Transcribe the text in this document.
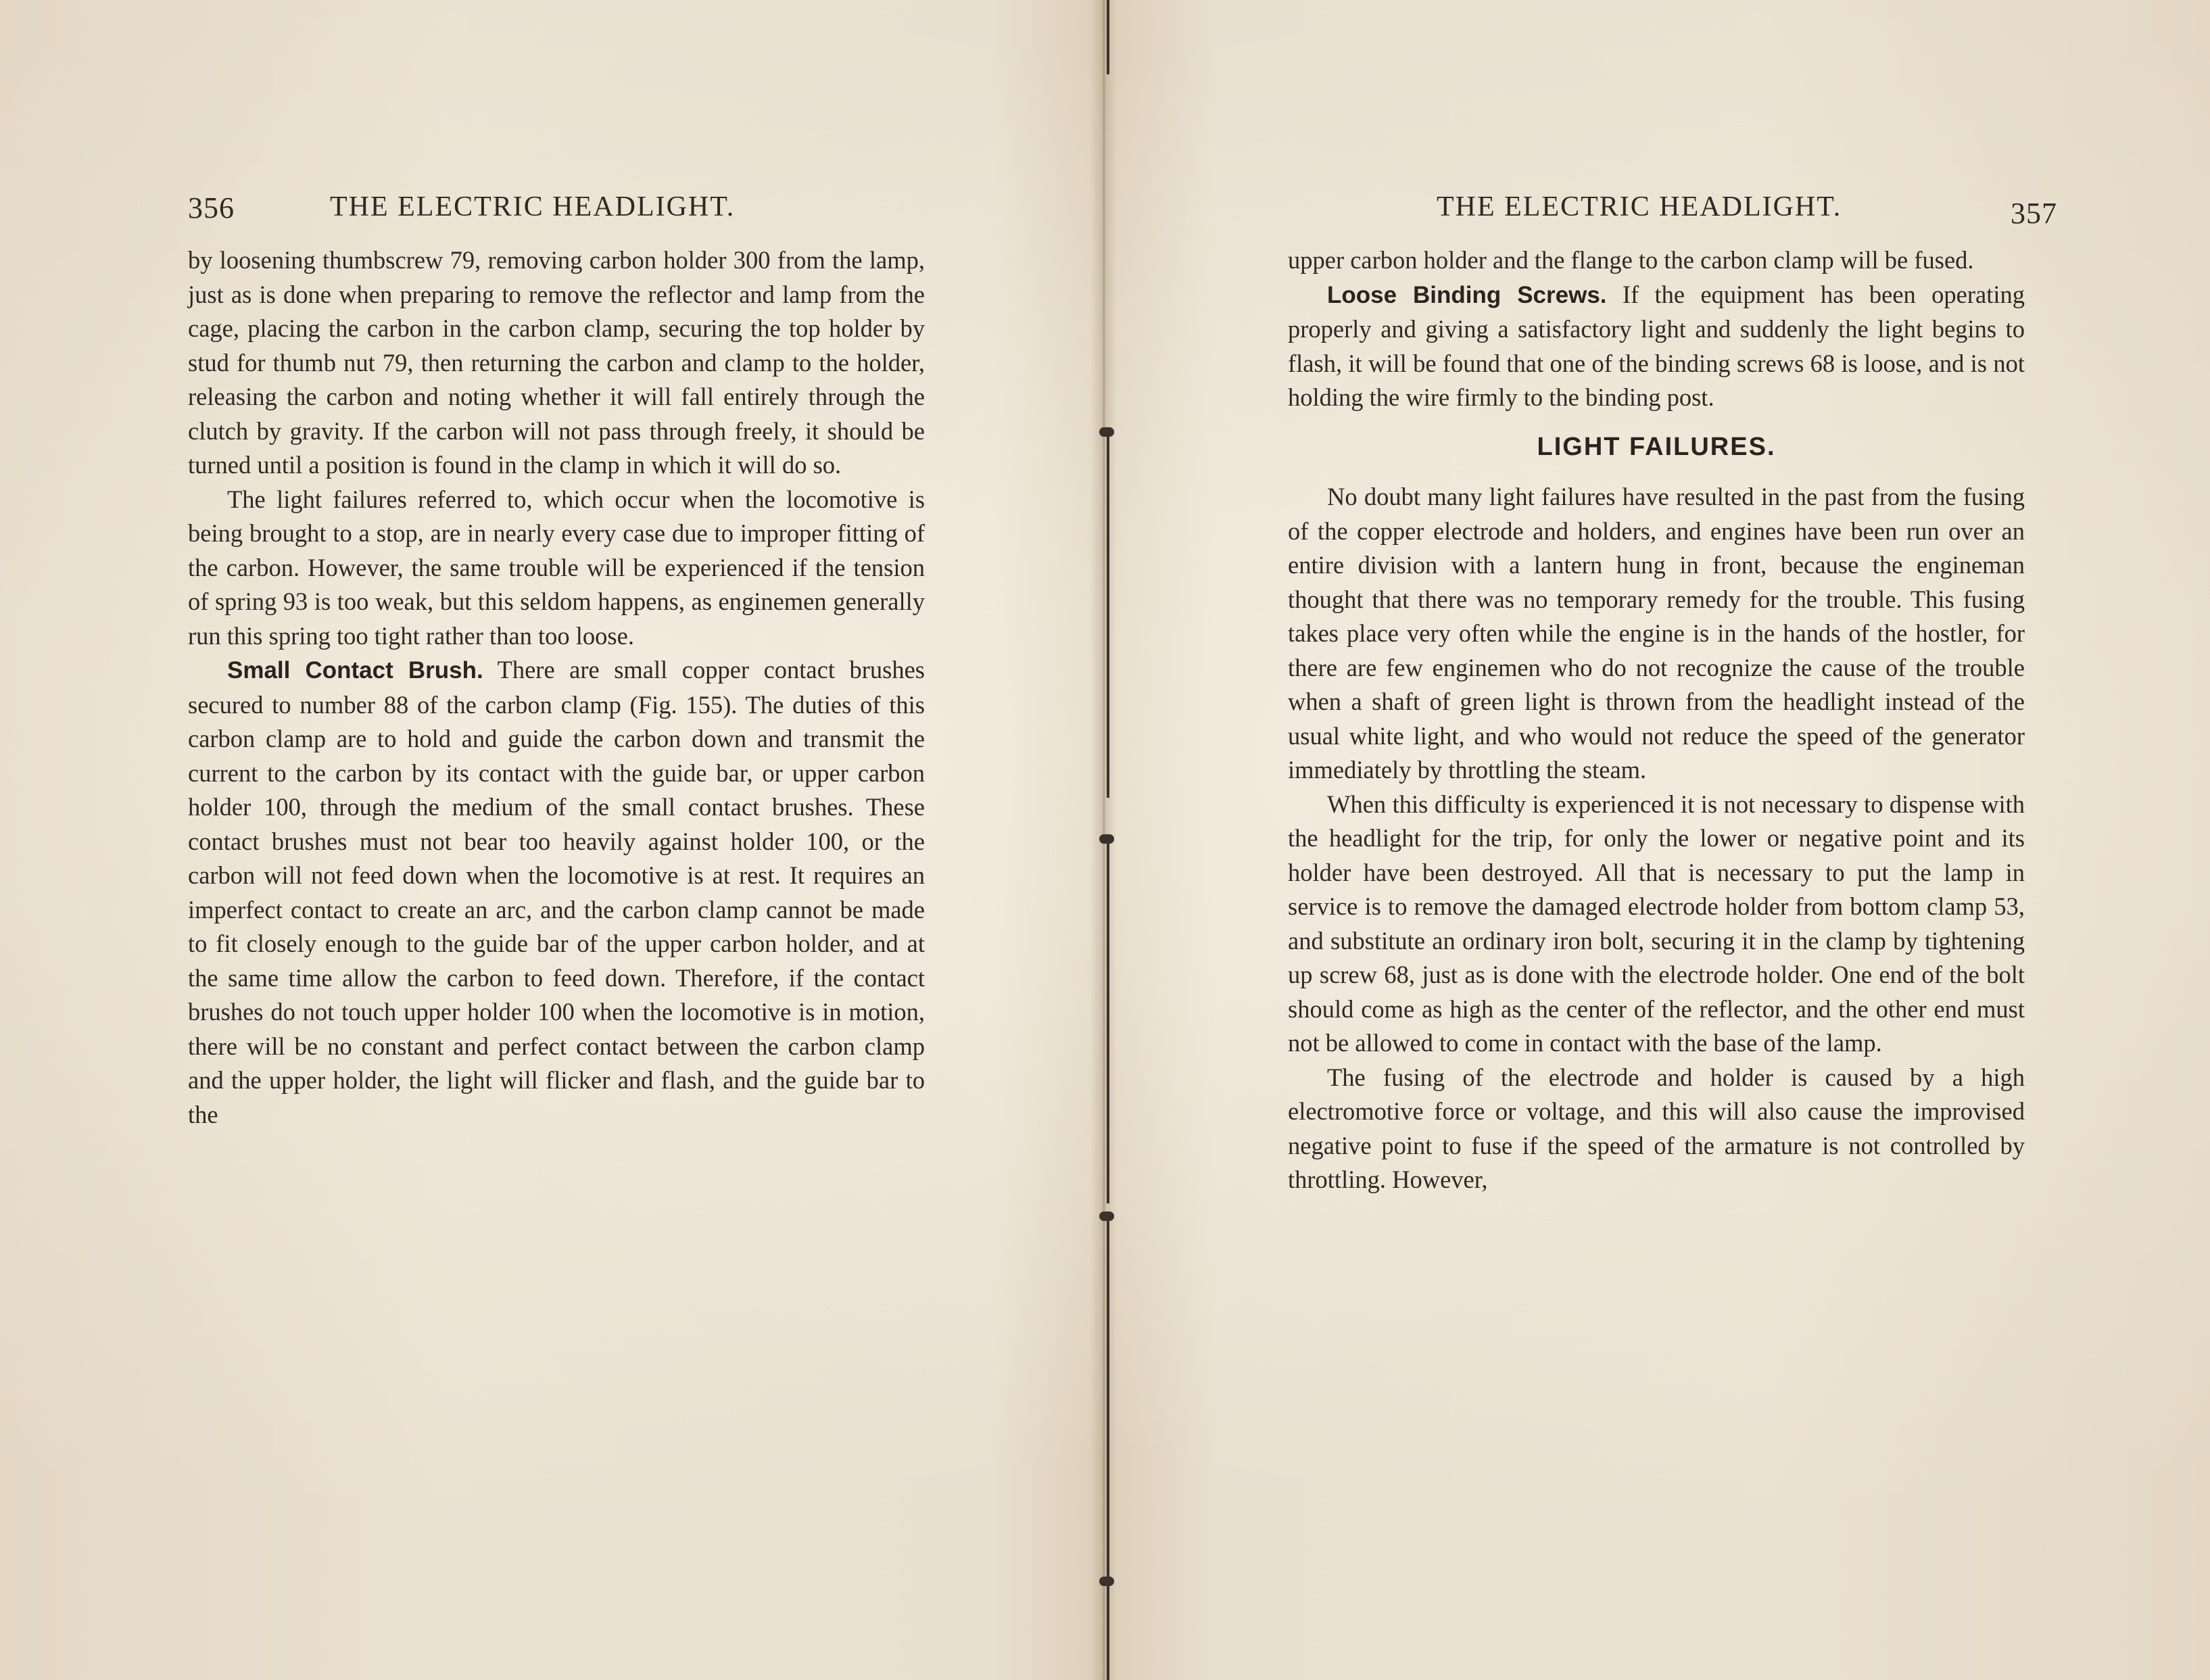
356	THE ELECTRIC HEADLIGHT.

by loosening thumbscrew 79, removing carbon holder 300 from the lamp, just as is done when preparing to remove the reflector and lamp from the cage, placing the carbon in the carbon clamp, securing the top holder by stud for thumb nut 79, then returning the carbon and clamp to the holder, releasing the carbon and noting whether it will fall entirely through the clutch by gravity. If the carbon will not pass through freely, it should be turned until a position is found in the clamp in which it will do so.

The light failures referred to, which occur when the locomotive is being brought to a stop, are in nearly every case due to improper fitting of the carbon. However, the same trouble will be experienced if the tension of spring 93 is too weak, but this seldom happens, as enginemen generally run this spring too tight rather than too loose.

Small Contact Brush. There are small copper contact brushes secured to number 88 of the carbon clamp (Fig. 155). The duties of this carbon clamp are to hold and guide the carbon down and transmit the current to the carbon by its contact with the guide bar, or upper carbon holder 100, through the medium of the small contact brushes. These contact brushes must not bear too heavily against holder 100, or the carbon will not feed down when the locomotive is at rest. It requires an imperfect contact to create an arc, and the carbon clamp cannot be made to fit closely enough to the guide bar of the upper carbon holder, and at the same time allow the carbon to feed down. Therefore, if the contact brushes do not touch upper holder 100 when the locomotive is in motion, there will be no constant and perfect contact between the carbon clamp and the upper holder, the light will flicker and flash, and the guide bar to the

THE ELECTRIC HEADLIGHT.	357

upper carbon holder and the flange to the carbon clamp will be fused.

Loose Binding Screws. If the equipment has been operating properly and giving a satisfactory light and suddenly the light begins to flash, it will be found that one of the binding screws 68 is loose, and is not holding the wire firmly to the binding post.

LIGHT FAILURES.

No doubt many light failures have resulted in the past from the fusing of the copper electrode and holders, and engines have been run over an entire division with a lantern hung in front, because the engineman thought that there was no temporary remedy for the trouble. This fusing takes place very often while the engine is in the hands of the hostler, for there are few enginemen who do not recognize the cause of the trouble when a shaft of green light is thrown from the headlight instead of the usual white light, and who would not reduce the speed of the generator immediately by throttling the steam.

When this difficulty is experienced it is not necessary to dispense with the headlight for the trip, for only the lower or negative point and its holder have been destroyed. All that is necessary to put the lamp in service is to remove the damaged electrode holder from bottom clamp 53, and substitute an ordinary iron bolt, securing it in the clamp by tightening up screw 68, just as is done with the electrode holder. One end of the bolt should come as high as the center of the reflector, and the other end must not be allowed to come in contact with the base of the lamp.

The fusing of the electrode and holder is caused by a high electromotive force or voltage, and this will also cause the improvised negative point to fuse if the speed of the armature is not controlled by throttling. However,
